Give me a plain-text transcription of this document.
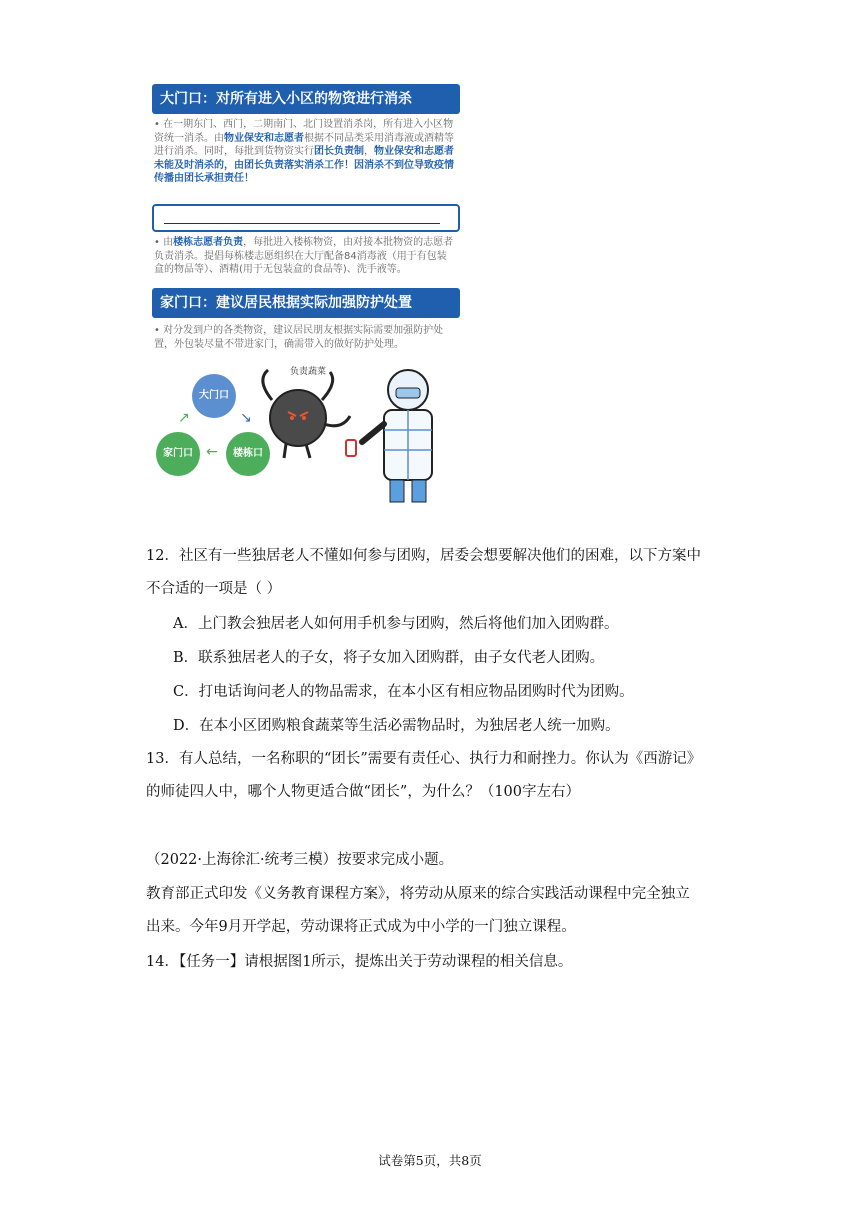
大门口：对所有进入小区的物资进行消杀
• 在一期东门、西门，二期南门、北门设置消杀岗，所有进入小区物资统一消杀。由物业保安和志愿者根据不同品类采用消毒液或酒精等进行消杀。同时，每批到货物资实行团长负责制，物业保安和志愿者未能及时消杀的，由团长负责落实消杀工作！因消杀不到位导致疫情传播由团长承担责任！
• 由楼栋志愿者负责，每批进入楼栋物资，由对接本批物资的志愿者负责消杀。提倡每栋楼志愿组织在大厅配备84消毒液（用于有包装盒的物品等）、酒精(用于无包装盒的食品等)、洗手液等。
家门口：建议居民根据实际加强防护处置
• 对分发到户的各类物资，建议居民朋友根据实际需要加强防护处置，外包装尽量不带进家门，确需带入的做好防护处理。
大门口
家门口	楼栋口
↘
←
↗
负责蔬菜
12．社区有一些独居老人不懂如何参与团购，居委会想要解决他们的困难，以下方案中
不合适的一项是（ ）
A．上门教会独居老人如何用手机参与团购，然后将他们加入团购群。
B．联系独居老人的子女，将子女加入团购群，由子女代老人团购。
C．打电话询问老人的物品需求，在本小区有相应物品团购时代为团购。
D．在本小区团购粮食蔬菜等生活必需物品时，为独居老人统一加购。
13．有人总结，一名称职的“团长”需要有责任心、执行力和耐挫力。你认为《西游记》
的师徒四人中，哪个人物更适合做“团长”，为什么？（100字左右）
（2022·上海徐汇·统考三模）按要求完成小题。
教育部正式印发《义务教育课程方案》，将劳动从原来的综合实践活动课程中完全独立
出来。今年9月开学起，劳动课将正式成为中小学的一门独立课程。
14．【任务一】请根据图1所示，提炼出关于劳动课程的相关信息。
试卷第5页，共8页
